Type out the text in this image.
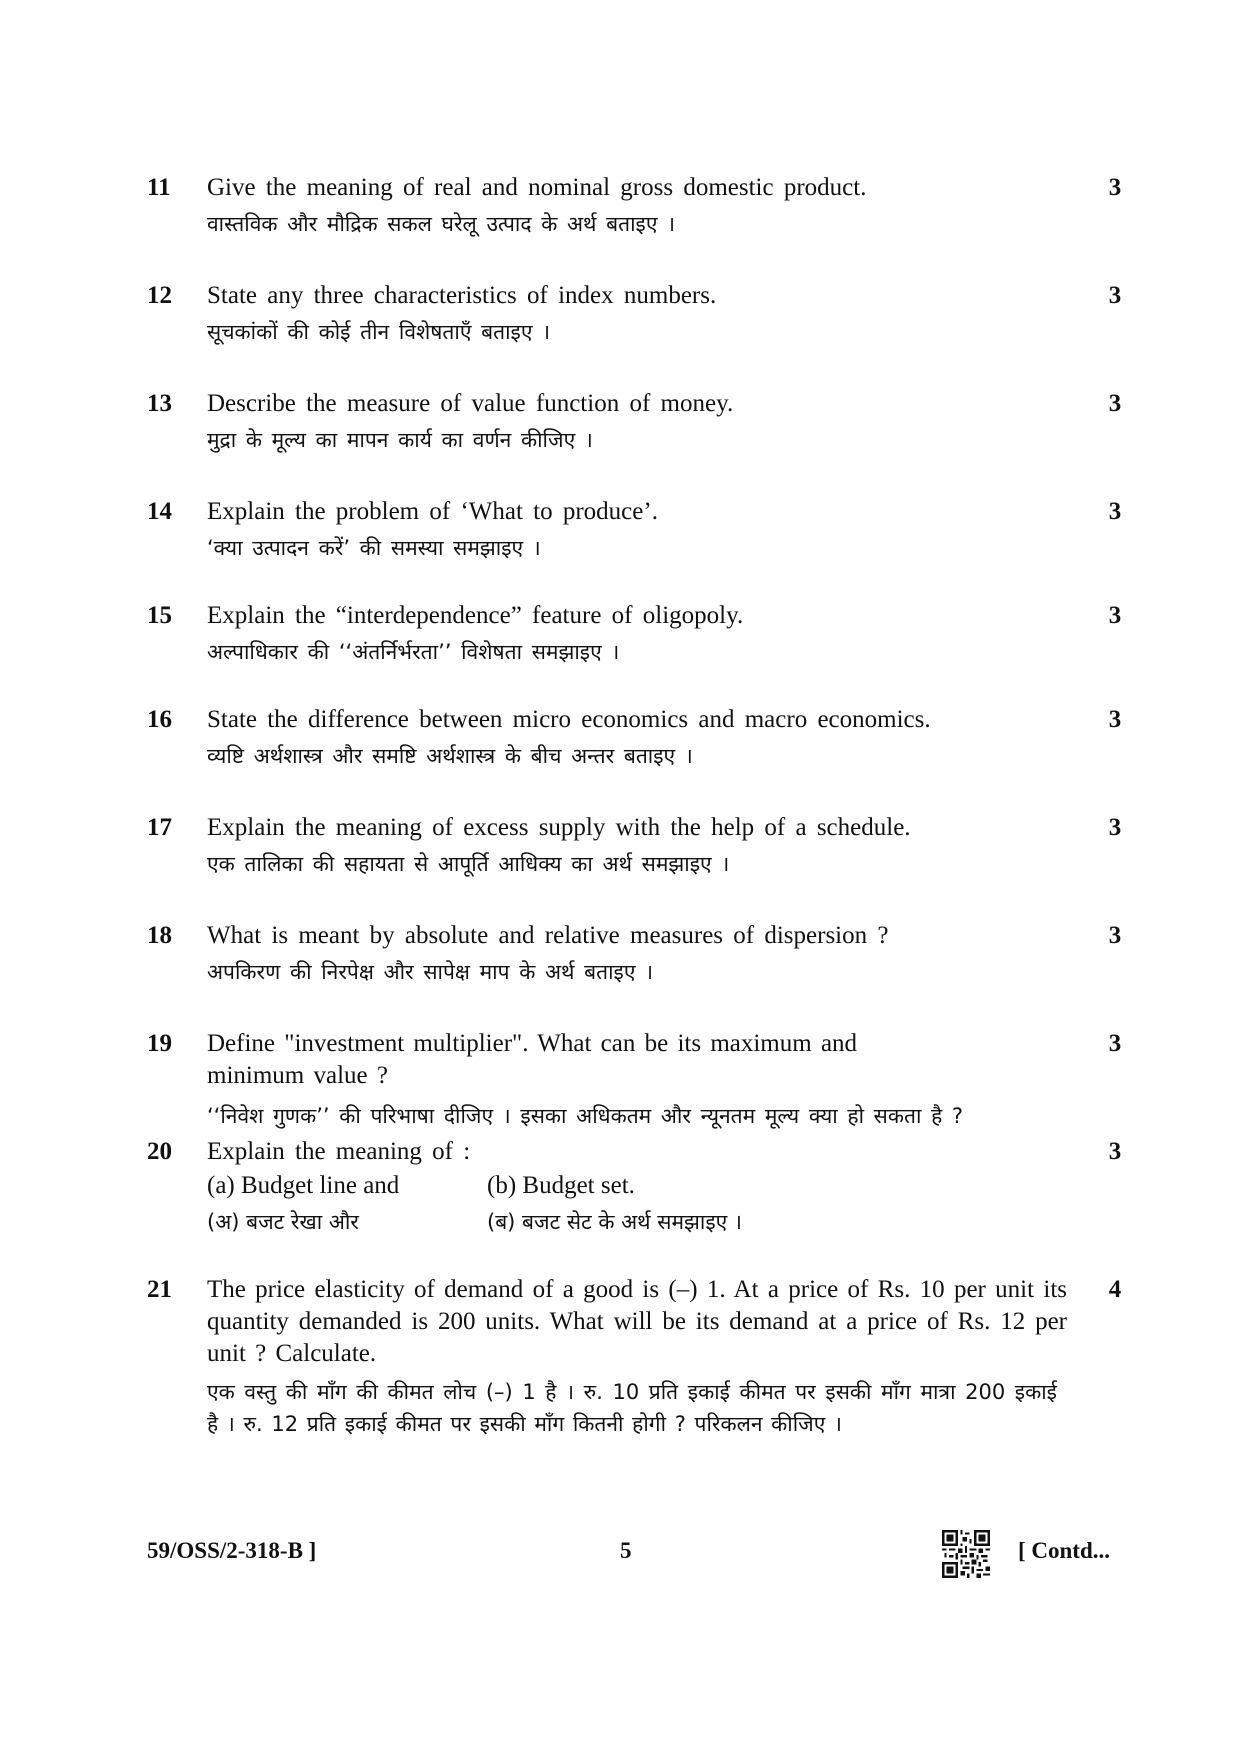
11 Give the meaning of real and nominal gross domestic product.
वास्तविक और मौद्रिक सकल घरेलू उत्पाद के अर्थ बताइए ।
3
12 State any three characteristics of index numbers.
सूचकांकों की कोई तीन विशेषताएँ बताइए ।
3
13 Describe the measure of value function of money.
मुद्रा के मूल्य का मापन कार्य का वर्णन कीजिए ।
3
14 Explain the problem of ‘What to produce’.
‘क्या उत्पादन करें’ की समस्या समझाइए ।
3
15 Explain the “interdependence” feature of oligopoly.
अल्पाधिकार की ‘‘अंतर्निर्भरता’’ विशेषता समझाइए ।
3
16 State the difference between micro economics and macro economics.
व्यष्टि अर्थशास्त्र और समष्टि अर्थशास्त्र के बीच अन्तर बताइए ।
3
17 Explain the meaning of excess supply with the help of a schedule.
एक तालिका की सहायता से आपूर्ति आधिक्य का अर्थ समझाइए ।
3
18 What is meant by absolute and relative measures of dispersion ?
अपकिरण की निरपेक्ष और सापेक्ष माप के अर्थ बताइए ।
3
19 Define "investment multiplier". What can be its maximum and minimum value ?
‘‘निवेश गुणक’’ की परिभाषा दीजिए । इसका अधिकतम और न्यूनतम मूल्य क्या हो सकता है ?
3
20 Explain the meaning of :
(a) Budget line and	(b) Budget set.
(अ) बजट रेखा और	(ब) बजट सेट के अर्थ समझाइए ।
3
21 The price elasticity of demand of a good is (–) 1. At a price of Rs. 10 per unit its quantity demanded is 200 units. What will be its demand at a price of Rs. 12 per unit ? Calculate.
एक वस्तु की माँग की कीमत लोच (–) 1 है । रु. 10 प्रति इकाई कीमत पर इसकी माँग मात्रा 200 इकाई है । रु. 12 प्रति इकाई कीमत पर इसकी माँग कितनी होगी ? परिकलन कीजिए ।
4
59/OSS/2-318-B ]	5	[ Contd...
